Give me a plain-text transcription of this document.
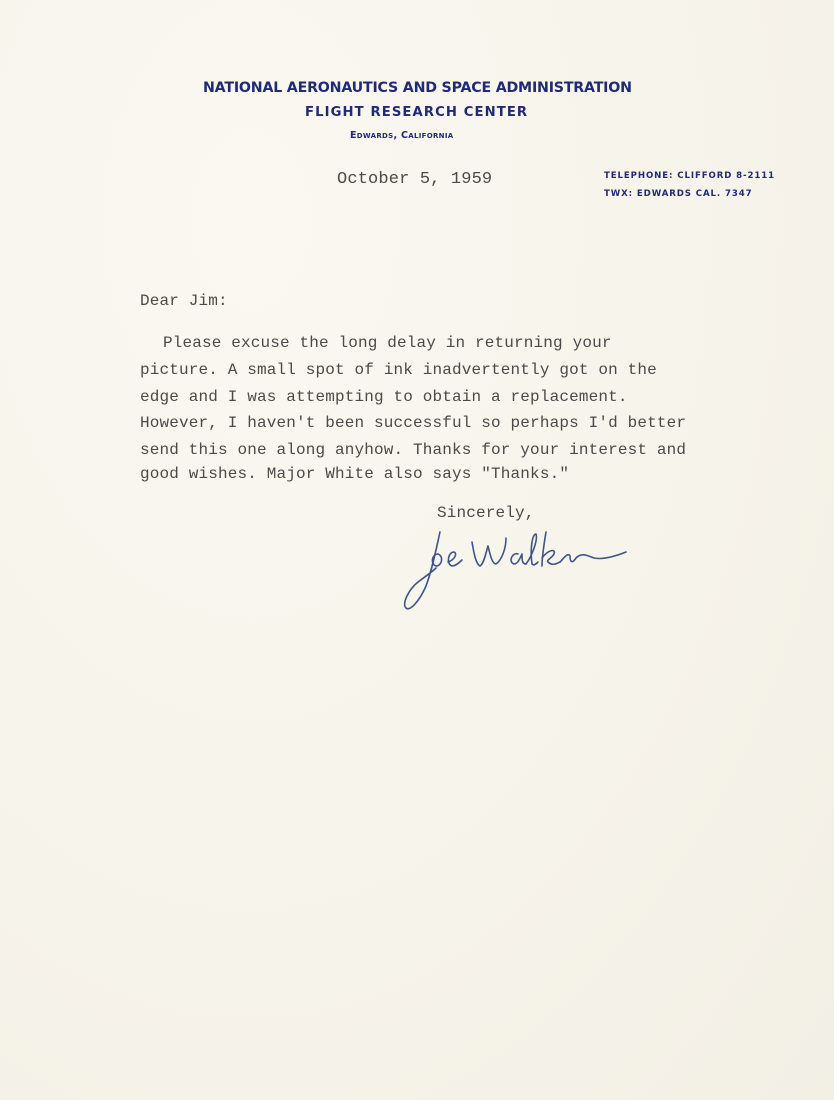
NATIONAL AERONAUTICS AND SPACE ADMINISTRATION
FLIGHT RESEARCH CENTER
Edwards, California
TELEPHONE: CLIFFORD 8-2111
TWX: EDWARDS CAL. 7347
October 5, 1959
Dear Jim:
Please excuse the long delay in returning your
picture. A small spot of ink inadvertently got on the
edge and I was attempting to obtain a replacement.
However, I haven't been successful so perhaps I'd better
send this one along anyhow. Thanks for your interest and
good wishes. Major White also says "Thanks."
Sincerely,
